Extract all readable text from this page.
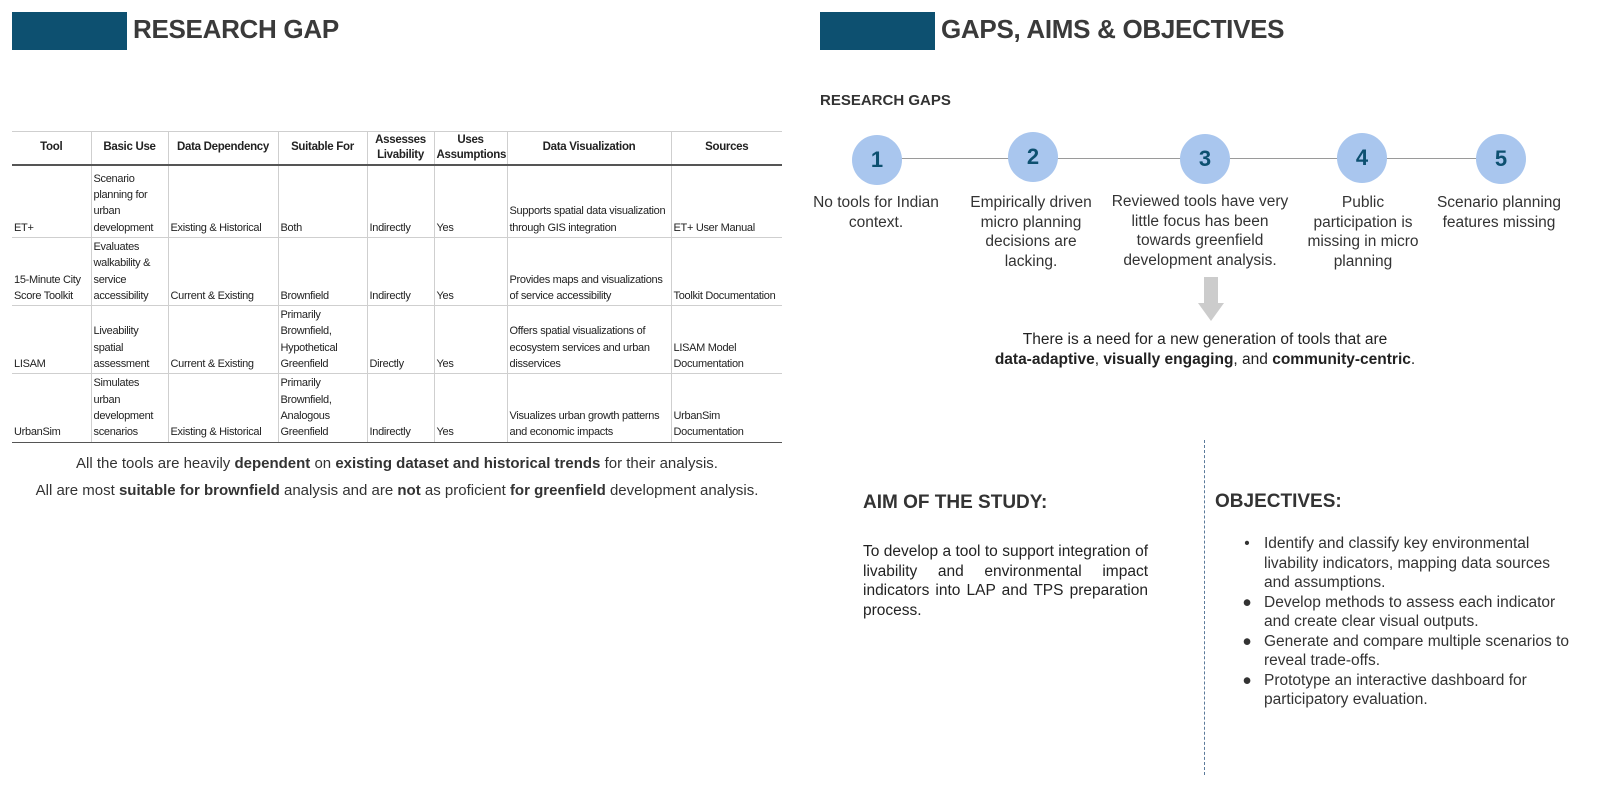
RESEARCH GAP
Tool	Basic Use	Data Dependency	Suitable For	Assesses Livability	Uses Assumptions	Data Visualization	Sources
ET+	Scenario planning for urban development	Existing & Historical	Both	Indirectly	Yes	Supports spatial data visualization through GIS integration	ET+ User Manual
15-Minute City Score Toolkit	Evaluates walkability & service accessibility	Current & Existing	Brownfield	Indirectly	Yes	Provides maps and visualizations of service accessibility	Toolkit Documentation
LISAM	Liveability spatial assessment	Current & Existing	Primarily Brownfield, Hypothetical Greenfield	Directly	Yes	Offers spatial visualizations of ecosystem services and urban disservices	LISAM Model Documentation
UrbanSim	Simulates urban development scenarios	Existing & Historical	Primarily Brownfield, Analogous Greenfield	Indirectly	Yes	Visualizes urban growth patterns and economic impacts	UrbanSim Documentation

All the tools are heavily dependent on existing dataset and historical trends for their analysis.

All are most suitable for brownfield analysis and are not as proficient for greenfield development analysis.

GAPS, AIMS & OBJECTIVES
RESEARCH GAPS
1	2	3	4	5
No tools for Indian context.
Empirically driven micro planning decisions are lacking.
Reviewed tools have very little focus has been towards greenfield development analysis.
Public participation is missing in micro planning
Scenario planning features missing
There is a need for a new generation of tools that are
data-adaptive, visually engaging, and community-centric.
AIM OF THE STUDY:

To develop a tool to support integration of livability and environmental impact indicators into LAP and TPS preparation process.

OBJECTIVES:
• Identify and classify key environmental livability indicators, mapping data sources and assumptions.
● Develop methods to assess each indicator and create clear visual outputs.
● Generate and compare multiple scenarios to reveal trade-offs.
● Prototype an interactive dashboard for participatory evaluation.
